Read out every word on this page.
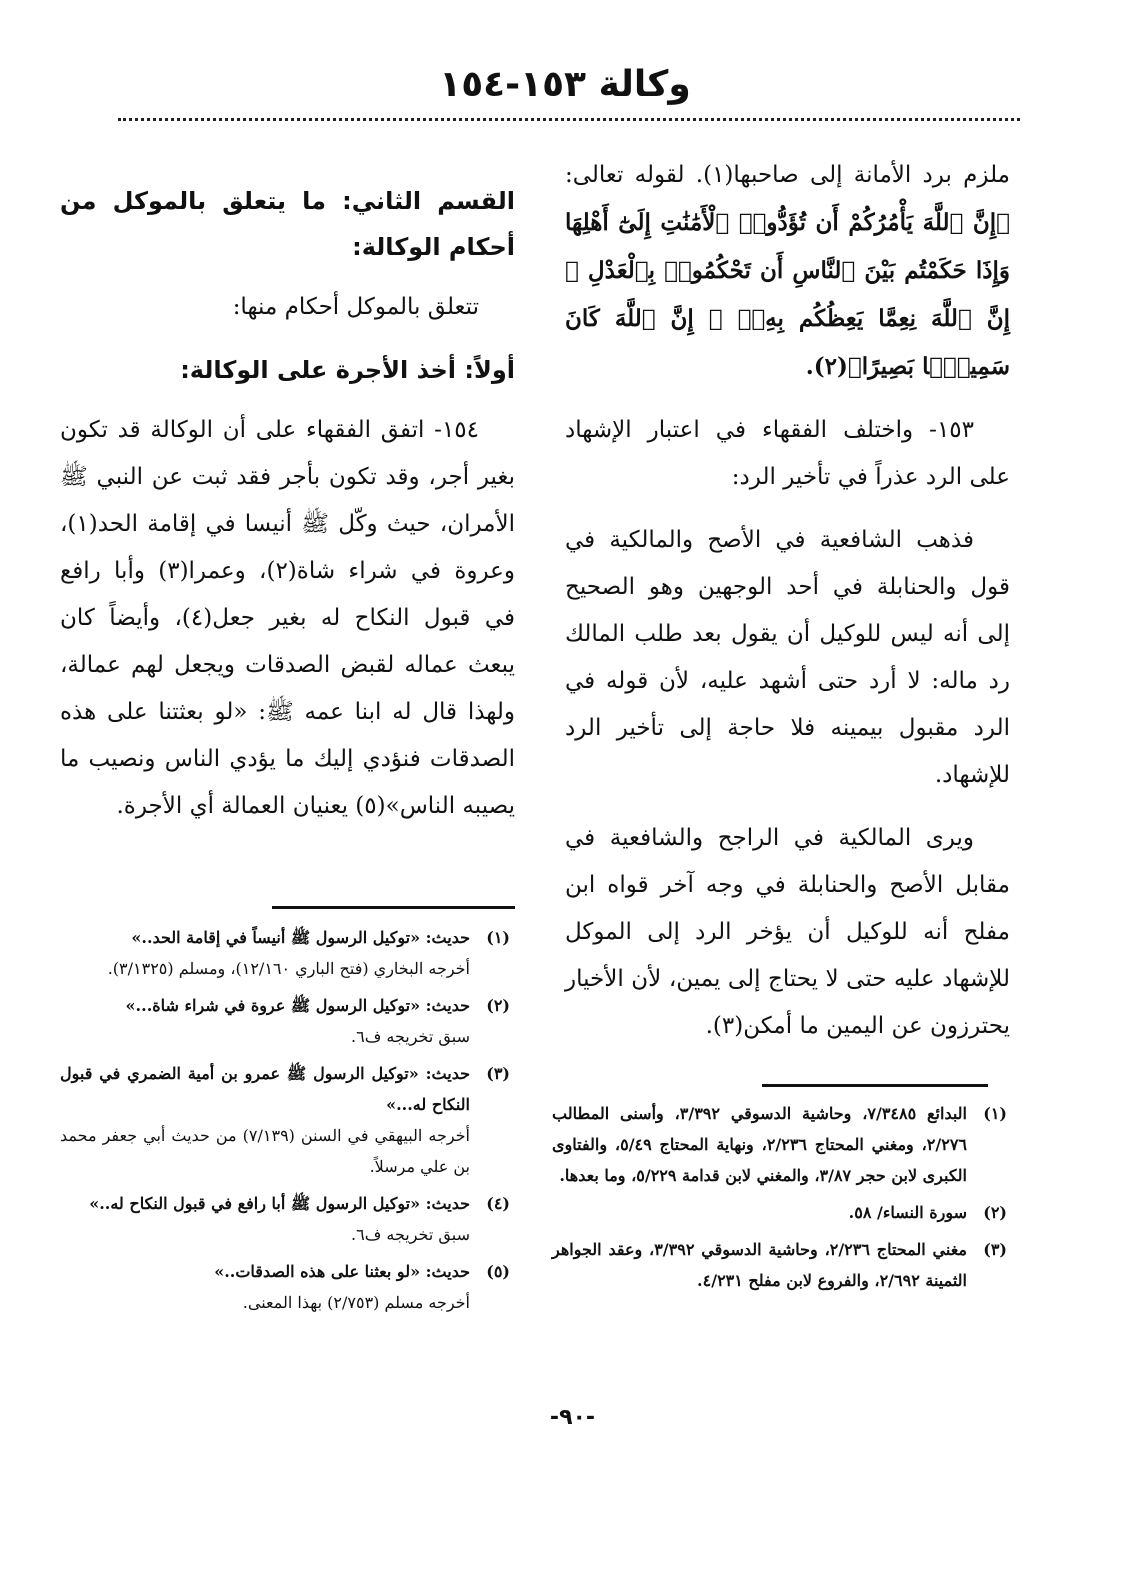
وكالة ١٥٣-١٥٤

ملزم برد الأمانة إلى صاحبها(١). لقوله تعالى: ﴿إِنَّ ٱللَّهَ يَأْمُرُكُمْ أَن تُؤَدُّوا۟ ٱلْأَمَٰنَٰتِ إِلَىٰٓ أَهْلِهَا وَإِذَا حَكَمْتُم بَيْنَ ٱلنَّاسِ أَن تَحْكُمُوا۟ بِٱلْعَدْلِ ۚ إِنَّ ٱللَّهَ نِعِمَّا يَعِظُكُم بِهِۦٓ ۗ إِنَّ ٱللَّهَ كَانَ سَمِيعًۢا بَصِيرًا﴾(٢).

١٥٣- واختلف الفقهاء في اعتبار الإشهاد على الرد عذراً في تأخير الرد:

فذهب الشافعية في الأصح والمالكية في قول والحنابلة في أحد الوجهين وهو الصحيح إلى أنه ليس للوكيل أن يقول بعد طلب المالك رد ماله: لا أرد حتى أشهد عليه، لأن قوله في الرد مقبول بيمينه فلا حاجة إلى تأخير الرد للإشهاد.

ويرى المالكية في الراجح والشافعية في مقابل الأصح والحنابلة في وجه آخر قواه ابن مفلح أنه للوكيل أن يؤخر الرد إلى الموكل للإشهاد عليه حتى لا يحتاج إلى يمين، لأن الأخيار يحترزون عن اليمين ما أمكن(٣).

القسم الثاني: ما يتعلق بالموكل من أحكام الوكالة:

تتعلق بالموكل أحكام منها:

أولاً: أخذ الأجرة على الوكالة:

١٥٤- اتفق الفقهاء على أن الوكالة قد تكون بغير أجر، وقد تكون بأجر فقد ثبت عن النبي ﷺ الأمران، حيث وكّل ﷺ أنيسا في إقامة الحد(١)، وعروة في شراء شاة(٢)، وعمرا(٣) وأبا رافع في قبول النكاح له بغير جعل(٤)، وأيضاً كان يبعث عماله لقبض الصدقات ويجعل لهم عمالة، ولهذا قال له ابنا عمه ﷺ: «لو بعثتنا على هذه الصدقات فنؤدي إليك ما يؤدي الناس ونصيب ما يصيبه الناس»(٥) يعنيان العمالة أي الأجرة.

(١)
حديث: «توكيل الرسول ﷺ أنيساً في إقامة الحد..»
أخرجه البخاري (فتح الباري ١٢/١٦٠)، ومسلم (٣/١٣٢٥).
(٢)
حديث: «توكيل الرسول ﷺ عروة في شراء شاة...»
سبق تخريجه ف٦.
(٣)
حديث: «توكيل الرسول ﷺ عمرو بن أمية الضمري في قبول النكاح له...»
أخرجه البيهقي في السنن (٧/١٣٩) من حديث أبي جعفر محمد بن علي مرسلاً.
(٤)
حديث: «توكيل الرسول ﷺ أبا رافع في قبول النكاح له..»
سبق تخريجه ف٦.
(٥)
حديث: «لو بعثنا على هذه الصدقات..»
أخرجه مسلم (٢/٧٥٣) بهذا المعنى.
(١)
البدائع ٧/٣٤٨٥، وحاشية الدسوقي ٣/٣٩٢، وأسنى المطالب ٢/٢٧٦، ومغني المحتاج ٢/٢٣٦، ونهاية المحتاج ٥/٤٩، والفتاوى الكبرى لابن حجر ٣/٨٧، والمغني لابن قدامة ٥/٢٢٩، وما بعدها.
(٢)
سورة النساء/ ٥٨.
(٣)
مغني المحتاج ٢/٢٣٦، وحاشية الدسوقي ٣/٣٩٢، وعقد الجواهر الثمينة ٢/٦٩٢، والفروع لابن مفلح ٤/٢٣١.
-٩٠-
